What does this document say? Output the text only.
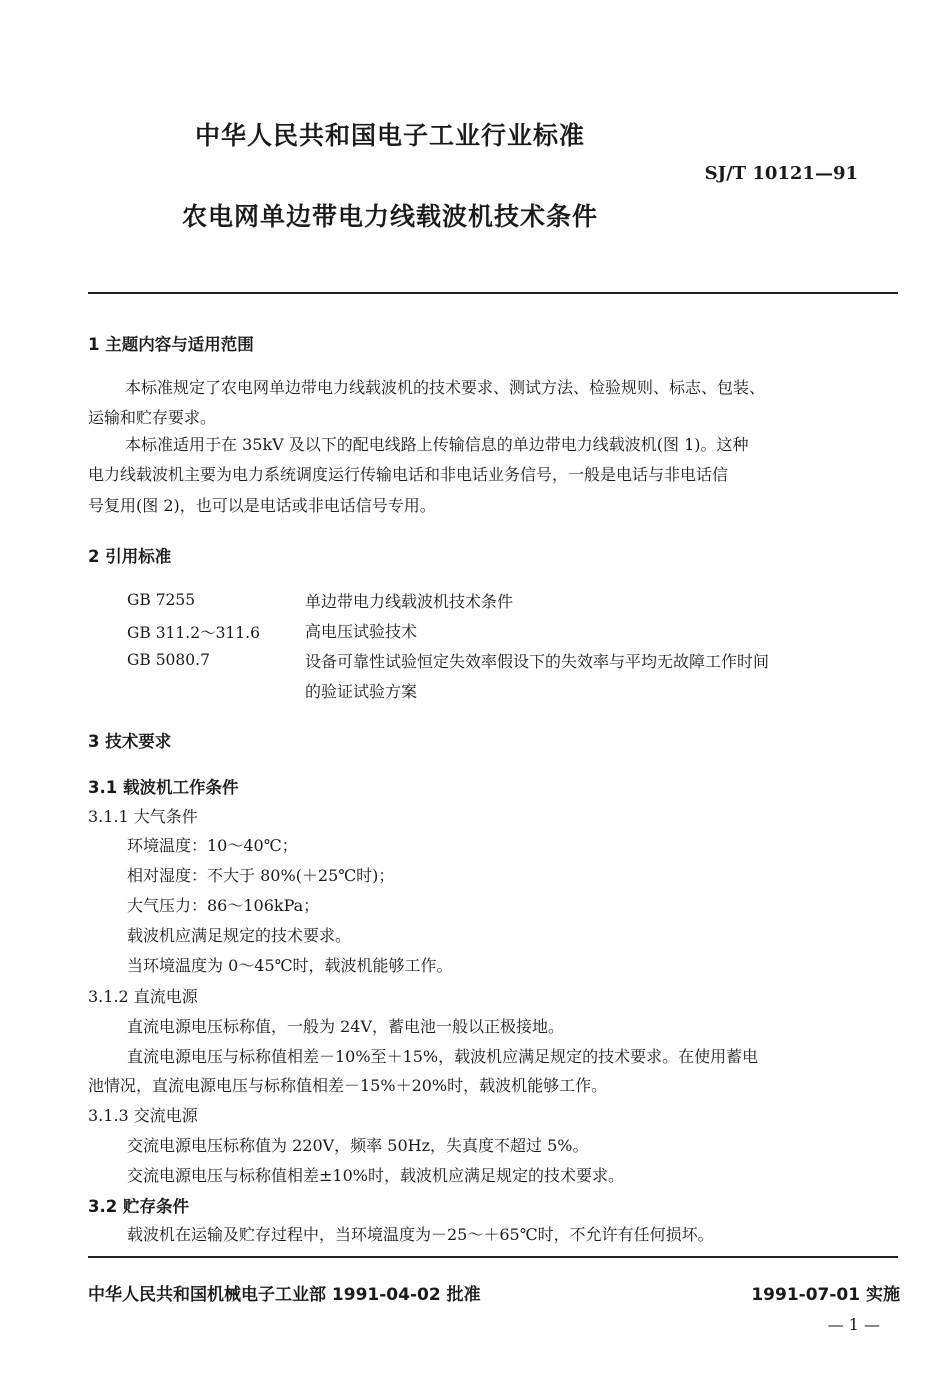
中华人民共和国电子工业行业标准
SJ/T 10121—91
农电网单边带电力线载波机技术条件
1 主题内容与适用范围
本标准规定了农电网单边带电力线载波机的技术要求、测试方法、检验规则、标志、包装、
运输和贮存要求。
本标准适用于在 35kV 及以下的配电线路上传输信息的单边带电力线载波机(图 1)。这种
电力线载波机主要为电力系统调度运行传输电话和非电话业务信号，一般是电话与非电话信
号复用(图 2)，也可以是电话或非电话信号专用。
2 引用标准
GB 7255	单边带电力线载波机技术条件
GB 311.2～311.6	高电压试验技术
GB 5080.7	设备可靠性试验恒定失效率假设下的失效率与平均无故障工作时间
的验证试验方案
3 技术要求
3.1 载波机工作条件
3.1.1 大气条件
环境温度：10～40℃；
相对湿度：不大于 80%(＋25℃时)；
大气压力：86～106kPa；
载波机应满足规定的技术要求。
当环境温度为 0～45℃时，载波机能够工作。
3.1.2 直流电源
直流电源电压标称值，一般为 24V，蓄电池一般以正极接地。
直流电源电压与标称值相差－10%至＋15%，载波机应满足规定的技术要求。在使用蓄电
池情况，直流电源电压与标称值相差－15%＋20%时，载波机能够工作。
3.1.3 交流电源
交流电源电压标称值为 220V，频率 50Hz，失真度不超过 5%。
交流电源电压与标称值相差±10%时，载波机应满足规定的技术要求。
3.2 贮存条件
载波机在运输及贮存过程中，当环境温度为－25～＋65℃时，不允许有任何损坏。
中华人民共和国机械电子工业部 1991-04-02 批准	1991-07-01 实施
— 1 —
